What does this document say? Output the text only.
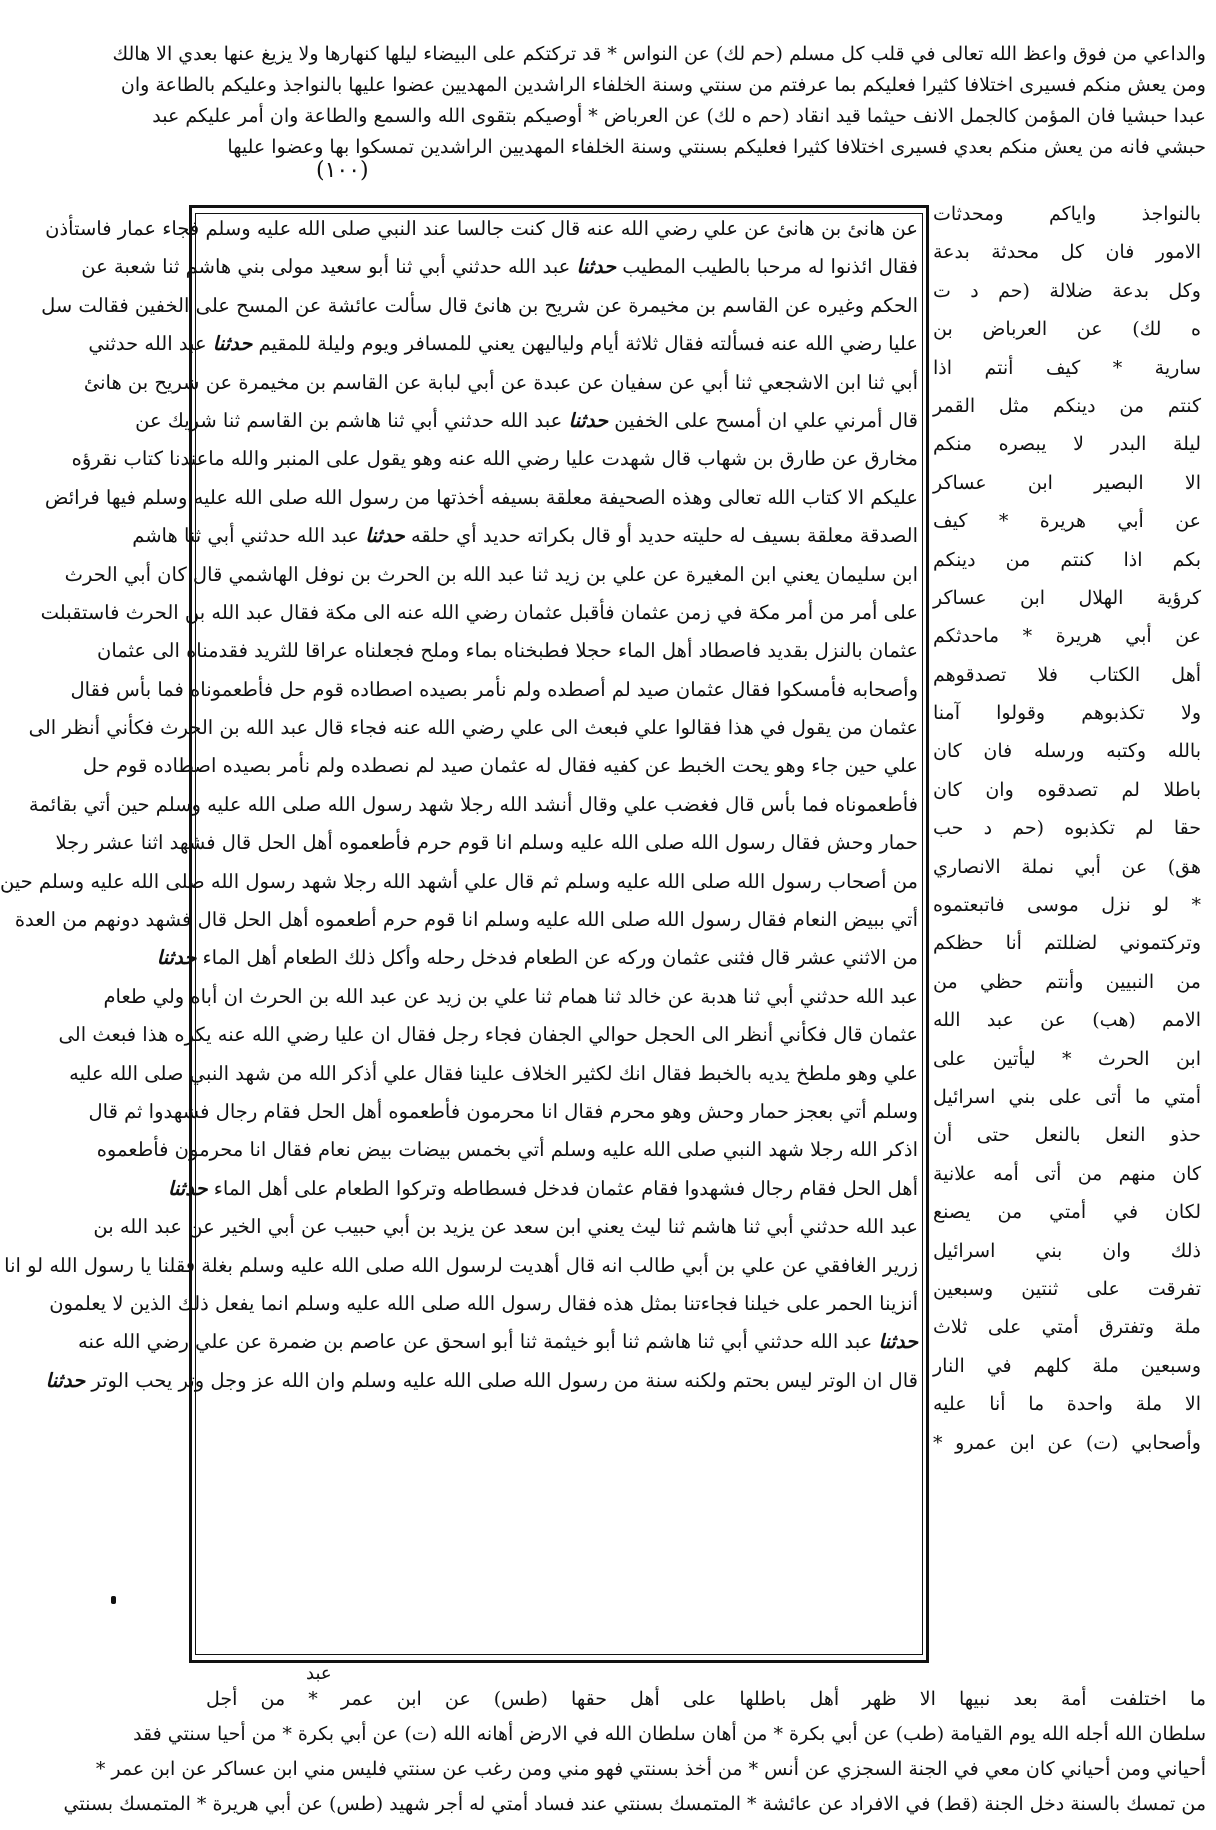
والداعي من فوق واعظ الله تعالى في قلب كل مسلم (حم لك) عن النواس * قد تركتكم على البيضاء ليلها كنهارها ولا يزيغ عنها بعدي الا هالك
ومن يعش منكم فسيرى اختلافا كثيرا فعليكم بما عرفتم من سنتي وسنة الخلفاء الراشدين المهديين عضوا عليها بالنواجذ وعليكم بالطاعة وان
عبدا حبشيا فان المؤمن كالجمل الانف حيثما قيد انقاد (حم ه لك) عن العرباض * أوصيكم بتقوى الله والسمع والطاعة وان أمر عليكم عبد
حبشي فانه من يعش منكم بعدي فسيرى اختلافا كثيرا فعليكم بسنتي وسنة الخلفاء المهديين الراشدين تمسكوا بها وعضوا عليها
(١٠٠)
عن هانئ بن هانئ عن علي رضي الله عنه قال كنت جالسا عند النبي صلى الله عليه وسلم فجاء عمار فاستأذن
فقال ائذنوا له مرحبا بالطيب المطيب حدثنا عبد الله حدثني أبي ثنا أبو سعيد مولى بني هاشم ثنا شعبة عن
الحكم وغيره عن القاسم بن مخيمرة عن شريح بن هانئ قال سألت عائشة عن المسح على الخفين فقالت سل
عليا رضي الله عنه فسألته فقال ثلاثة أيام ولياليهن يعني للمسافر ويوم وليلة للمقيم حدثنا عبد الله حدثني
أبي ثنا ابن الاشجعي ثنا أبي عن سفيان عن عبدة عن أبي لبابة عن القاسم بن مخيمرة عن شريح بن هانئ
قال أمرني علي ان أمسح على الخفين حدثنا عبد الله حدثني أبي ثنا هاشم بن القاسم ثنا شريك عن
مخارق عن طارق بن شهاب قال شهدت عليا رضي الله عنه وهو يقول على المنبر والله ماعندنا كتاب نقرؤه
عليكم الا كتاب الله تعالى وهذه الصحيفة معلقة بسيفه أخذتها من رسول الله صلى الله عليه وسلم فيها فرائض
الصدقة معلقة بسيف له حليته حديد أو قال بكراته حديد أي حلقه حدثنا عبد الله حدثني أبي ثنا هاشم
ابن سليمان يعني ابن المغيرة عن علي بن زيد ثنا عبد الله بن الحرث بن نوفل الهاشمي قال كان أبي الحرث
على أمر من أمر مكة في زمن عثمان فأقبل عثمان رضي الله عنه الى مكة فقال عبد الله بن الحرث فاستقبلت
عثمان بالنزل بقديد فاصطاد أهل الماء حجلا فطبخناه بماء وملح فجعلناه عراقا للثريد فقدمناه الى عثمان
وأصحابه فأمسكوا فقال عثمان صيد لم أصطده ولم نأمر بصيده اصطاده قوم حل فأطعموناه فما بأس فقال
عثمان من يقول في هذا فقالوا علي فبعث الى علي رضي الله عنه فجاء قال عبد الله بن الحرث فكأني أنظر الى
علي حين جاء وهو يحت الخبط عن كفيه فقال له عثمان صيد لم نصطده ولم نأمر بصيده اصطاده قوم حل
فأطعموناه فما بأس قال فغضب علي وقال أنشد الله رجلا شهد رسول الله صلى الله عليه وسلم حين أتي بقائمة
حمار وحش فقال رسول الله صلى الله عليه وسلم انا قوم حرم فأطعموه أهل الحل قال فشهد اثنا عشر رجلا
من أصحاب رسول الله صلى الله عليه وسلم ثم قال علي أشهد الله رجلا شهد رسول الله صلى الله عليه وسلم حين
أتي ببيض النعام فقال رسول الله صلى الله عليه وسلم انا قوم حرم أطعموه أهل الحل قال فشهد دونهم من العدة
من الاثني عشر قال فثنى عثمان وركه عن الطعام فدخل رحله وأكل ذلك الطعام أهل الماء حدثنا
عبد الله حدثني أبي ثنا هدبة عن خالد ثنا همام ثنا علي بن زيد عن عبد الله بن الحرث ان أباه ولي طعام
عثمان قال فكأني أنظر الى الحجل حوالي الجفان فجاء رجل فقال ان عليا رضي الله عنه يكره هذا فبعث الى
علي وهو ملطخ يديه بالخبط فقال انك لكثير الخلاف علينا فقال علي أذكر الله من شهد النبي صلى الله عليه
وسلم أتي بعجز حمار وحش وهو محرم فقال انا محرمون فأطعموه أهل الحل فقام رجال فشهدوا ثم قال
اذكر الله رجلا شهد النبي صلى الله عليه وسلم أتي بخمس بيضات بيض نعام فقال انا محرمون فأطعموه
أهل الحل فقام رجال فشهدوا فقام عثمان فدخل فسطاطه وتركوا الطعام على أهل الماء حدثنا
عبد الله حدثني أبي ثنا هاشم ثنا ليث يعني ابن سعد عن يزيد بن أبي حبيب عن أبي الخير عن عبد الله بن
زرير الغافقي عن علي بن أبي طالب انه قال أهديت لرسول الله صلى الله عليه وسلم بغلة فقلنا يا رسول الله لو انا
أنزينا الحمر على خيلنا فجاءتنا بمثل هذه فقال رسول الله صلى الله عليه وسلم انما يفعل ذلك الذين لا يعلمون
حدثنا عبد الله حدثني أبي ثنا هاشم ثنا أبو خيثمة ثنا أبو اسحق عن عاصم بن ضمرة عن علي رضي الله عنه
قال ان الوتر ليس بحتم ولكنه سنة من رسول الله صلى الله عليه وسلم وان الله عز وجل وتر يحب الوتر حدثنا
بالنواجذ واياكم ومحدثات
الامور فان كل محدثة بدعة
وكل بدعة ضلالة (حم د ت
ه لك) عن العرباض بن
سارية * كيف أنتم اذا
كنتم من دينكم مثل القمر
ليلة البدر لا يبصره منكم
الا البصير ابن عساكر
عن أبي هريرة * كيف
بكم اذا كنتم من دينكم
كرؤية الهلال ابن عساكر
عن أبي هريرة * ماحدثكم
أهل الكتاب فلا تصدقوهم
ولا تكذبوهم وقولوا آمنا
بالله وكتبه ورسله فان كان
باطلا لم تصدقوه وان كان
حقا لم تكذبوه (حم د حب
هق) عن أبي نملة الانصاري
* لو نزل موسى فاتبعتموه
وتركتموني لضللتم أنا حظكم
من النبيين وأنتم حظي من
الامم (هب) عن عبد الله
ابن الحرث * ليأتين على
أمتي ما أتى على بني اسرائيل
حذو النعل بالنعل حتى أن
كان منهم من أتى أمه علانية
لكان في أمتي من يصنع
ذلك وان بني اسرائيل
تفرقت على ثنتين وسبعين
ملة وتفترق أمتي على ثلاث
وسبعين ملة كلهم في النار
الا ملة واحدة ما أنا عليه
وأصحابي (ت) عن ابن عمرو *
عبد
ما اختلفت أمة بعد نبيها الا ظهر أهل باطلها على أهل حقها (طس) عن ابن عمر * من أجل
سلطان الله أجله الله يوم القيامة (طب) عن أبي بكرة * من أهان سلطان الله في الارض أهانه الله (ت) عن أبي بكرة * من أحيا سنتي فقد
أحياني ومن أحياني كان معي في الجنة السجزي عن أنس * من أخذ بسنتي فهو مني ومن رغب عن سنتي فليس مني ابن عساكر عن ابن عمر *
من تمسك بالسنة دخل الجنة (قط) في الافراد عن عائشة * المتمسك بسنتي عند فساد أمتي له أجر شهيد (طس) عن أبي هريرة * المتمسك بسنتي
